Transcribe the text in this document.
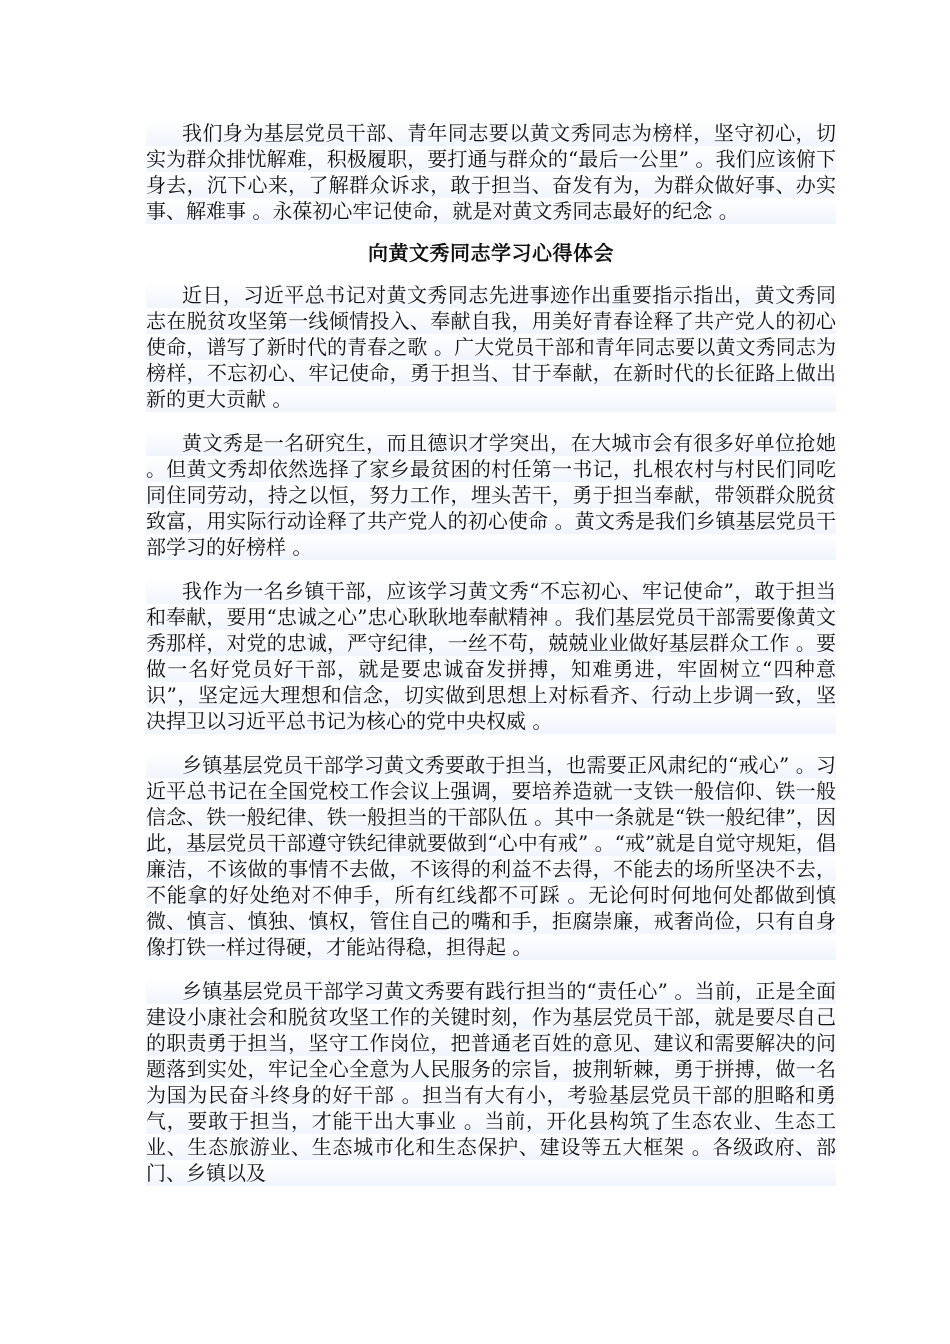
我们身为基层党员干部、青年同志要以黄文秀同志为榜样，坚守初心，切实为群众排忧解难，积极履职，要打通与群众的“最后一公里” 。我们应该俯下身去，沉下心来，了解群众诉求，敢于担当、奋发有为，为群众做好事、办实事、解难事 。永葆初心牢记使命，就是对黄文秀同志最好的纪念 。

向黄文秀同志学习心得体会

近日，习近平总书记对黄文秀同志先进事迹作出重要指示指出，黄文秀同志在脱贫攻坚第一线倾情投入、奉献自我，用美好青春诠释了共产党人的初心使命，谱写了新时代的青春之歌 。广大党员干部和青年同志要以黄文秀同志为榜样，不忘初心、牢记使命，勇于担当、甘于奉献，在新时代的长征路上做出新的更大贡献 。

黄文秀是一名研究生，而且德识才学突出，在大城市会有很多好单位抢她 。但黄文秀却依然选择了家乡最贫困的村任第一书记，扎根农村与村民们同吃同住同劳动，持之以恒，努力工作，埋头苦干，勇于担当奉献，带领群众脱贫致富，用实际行动诠释了共产党人的初心使命 。黄文秀是我们乡镇基层党员干部学习的好榜样 。

我作为一名乡镇干部，应该学习黄文秀“不忘初心、牢记使命”，敢于担当和奉献，要用“忠诚之心”忠心耿耿地奉献精神 。我们基层党员干部需要像黄文秀那样，对党的忠诚，严守纪律，一丝不苟，兢兢业业做好基层群众工作 。要做一名好党员好干部，就是要忠诚奋发拼搏，知难勇进，牢固树立“四种意识”，坚定远大理想和信念，切实做到思想上对标看齐、行动上步调一致，坚决捍卫以习近平总书记为核心的党中央权威 。

乡镇基层党员干部学习黄文秀要敢于担当，也需要正风肃纪的“戒心” 。习近平总书记在全国党校工作会议上强调，要培养造就一支铁一般信仰、铁一般信念、铁一般纪律、铁一般担当的干部队伍 。其中一条就是“铁一般纪律”，因此，基层党员干部遵守铁纪律就要做到“心中有戒” 。“戒”就是自觉守规矩，倡廉洁，不该做的事情不去做，不该得的利益不去得，不能去的场所坚决不去，不能拿的好处绝对不伸手，所有红线都不可踩 。无论何时何地何处都做到慎微、慎言、慎独、慎权，管住自己的嘴和手，拒腐崇廉，戒奢尚俭，只有自身像打铁一样过得硬，才能站得稳，担得起 。

乡镇基层党员干部学习黄文秀要有践行担当的“责任心” 。当前，正是全面建设小康社会和脱贫攻坚工作的关键时刻，作为基层党员干部，就是要尽自己的职责勇于担当，坚守工作岗位，把普通老百姓的意见、建议和需要解决的问题落到实处，牢记全心全意为人民服务的宗旨，披荆斩棘，勇于拼搏，做一名为国为民奋斗终身的好干部 。担当有大有小，考验基层党员干部的胆略和勇气，要敢于担当，才能干出大事业 。当前，开化县构筑了生态农业、生态工业、生态旅游业、生态城市化和生态保护、建设等五大框架 。各级政府、部门、乡镇以及
